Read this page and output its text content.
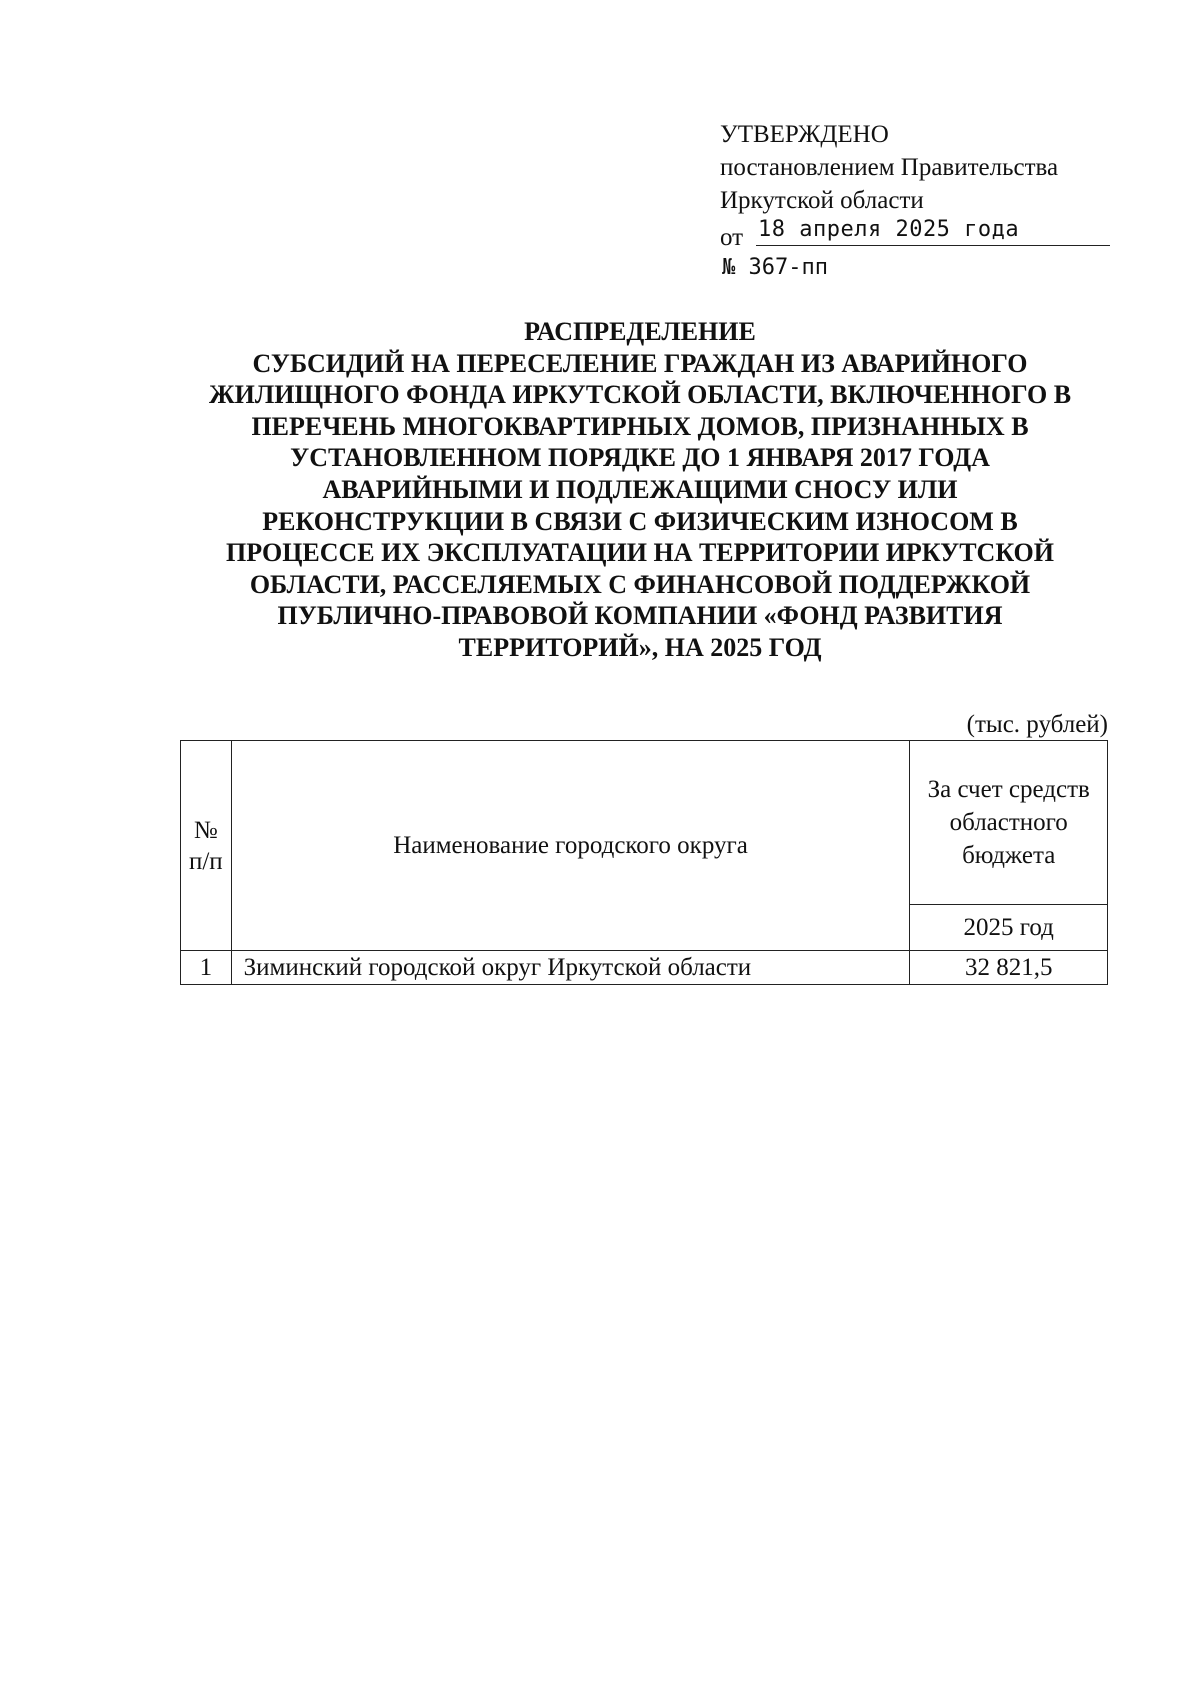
УТВЕРЖДЕНО
постановлением Правительства
Иркутской области
от 18 апреля 2025 года
№ 367-пп
РАСПРЕДЕЛЕНИЕ
СУБСИДИЙ НА ПЕРЕСЕЛЕНИЕ ГРАЖДАН ИЗ АВАРИЙНОГО
ЖИЛИЩНОГО ФОНДА ИРКУТСКОЙ ОБЛАСТИ, ВКЛЮЧЕННОГО В
ПЕРЕЧЕНЬ МНОГОКВАРТИРНЫХ ДОМОВ, ПРИЗНАННЫХ В
УСТАНОВЛЕННОМ ПОРЯДКЕ ДО 1 ЯНВАРЯ 2017 ГОДА
АВАРИЙНЫМИ И ПОДЛЕЖАЩИМИ СНОСУ ИЛИ
РЕКОНСТРУКЦИИ В СВЯЗИ С ФИЗИЧЕСКИМ ИЗНОСОМ В
ПРОЦЕССЕ ИХ ЭКСПЛУАТАЦИИ НА ТЕРРИТОРИИ ИРКУТСКОЙ
ОБЛАСТИ, РАССЕЛЯЕМЫХ С ФИНАНСОВОЙ ПОДДЕРЖКОЙ
ПУБЛИЧНО-ПРАВОВОЙ КОМПАНИИ «ФОНД РАЗВИТИЯ
ТЕРРИТОРИЙ», НА 2025 ГОД
(тыс. рублей)
№
п/п	Наименование городского округа	За счет средств
областного
бюджета
		2025 год
1	Зиминский городской округ Иркутской области	32 821,5
